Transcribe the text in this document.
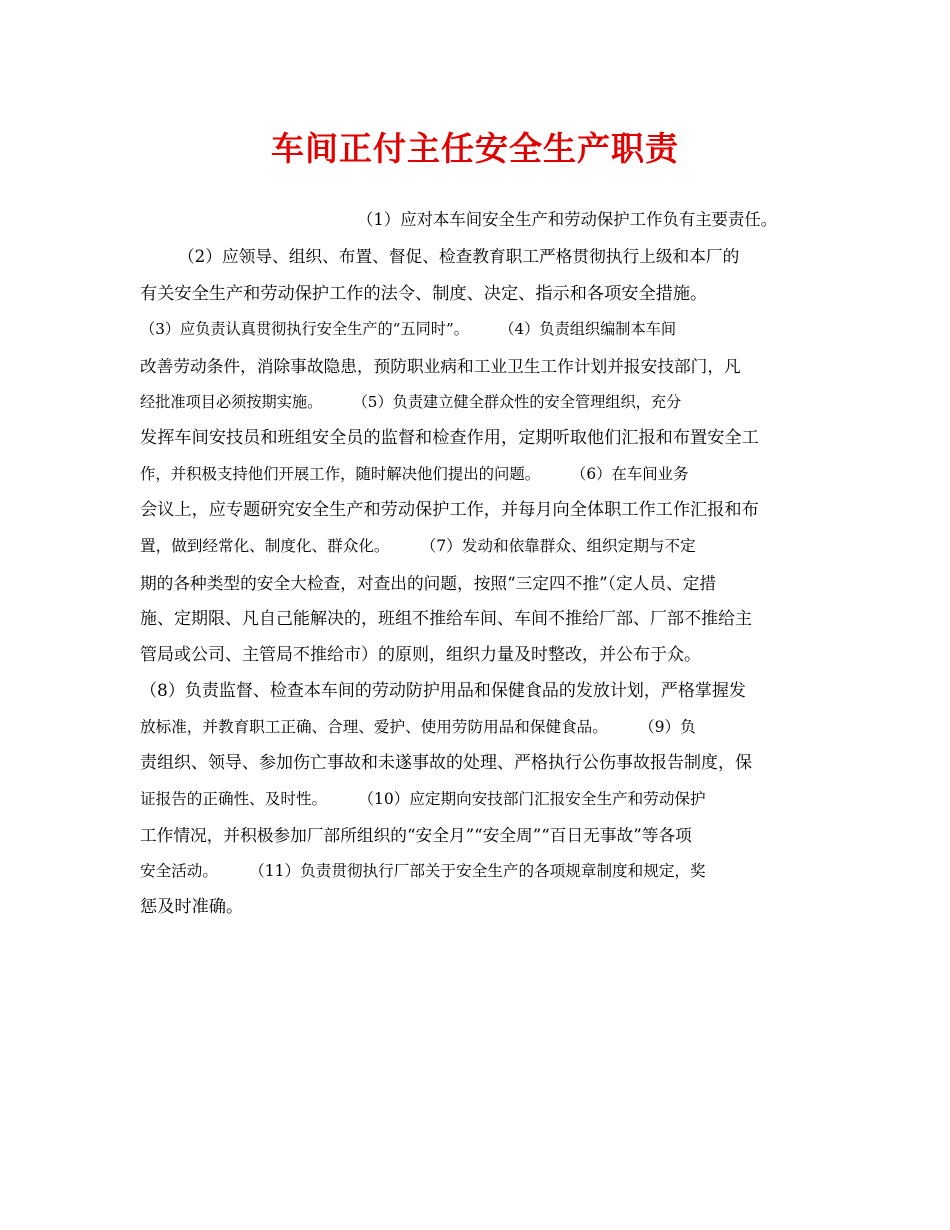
车间正付主任安全生产职责
（1）应对本车间安全生产和劳动保护工作负有主要责任。
（2）应领导、组织、布置、督促、检查教育职工严格贯彻执行上级和本厂的
有关安全生产和劳动保护工作的法令、制度、决定、指示和各项安全措施。
（3）应负责认真贯彻执行安全生产的“五同时”。　　　（4）负责组织编制本车间
改善劳动条件，消除事故隐患，预防职业病和工业卫生工作计划并报安技部门，凡
经批准项目必须按期实施。　　　（5）负责建立健全群众性的安全管理组织，充分
发挥车间安技员和班组安全员的监督和检查作用，定期听取他们汇报和布置安全工
作，并积极支持他们开展工作，随时解决他们提出的问题。　　　（6）在车间业务
会议上，应专题研究安全生产和劳动保护工作，并每月向全体职工作工作汇报和布
置，做到经常化、制度化、群众化。　　　（7）发动和依靠群众、组织定期与不定
期的各种类型的安全大检查，对查出的问题，按照“三定四不推”（定人员、定措
施、定期限、凡自己能解决的，班组不推给车间、车间不推给厂部、厂部不推给主
管局或公司、主管局不推给市）的原则，组织力量及时整改，并公布于众。
（8）负责监督、检查本车间的劳动防护用品和保健食品的发放计划，严格掌握发
放标准，并教育职工正确、合理、爱护、使用劳防用品和保健食品。　　　（9）负
责组织、领导、参加伤亡事故和未遂事故的处理、严格执行公伤事故报告制度，保
证报告的正确性、及时性。　　　（10）应定期向安技部门汇报安全生产和劳动保护
工作情况，并积极参加厂部所组织的“安全月”“安全周”“百日无事故”等各项
安全活动。　　　（11）负责贯彻执行厂部关于安全生产的各项规章制度和规定，奖
惩及时准确。
